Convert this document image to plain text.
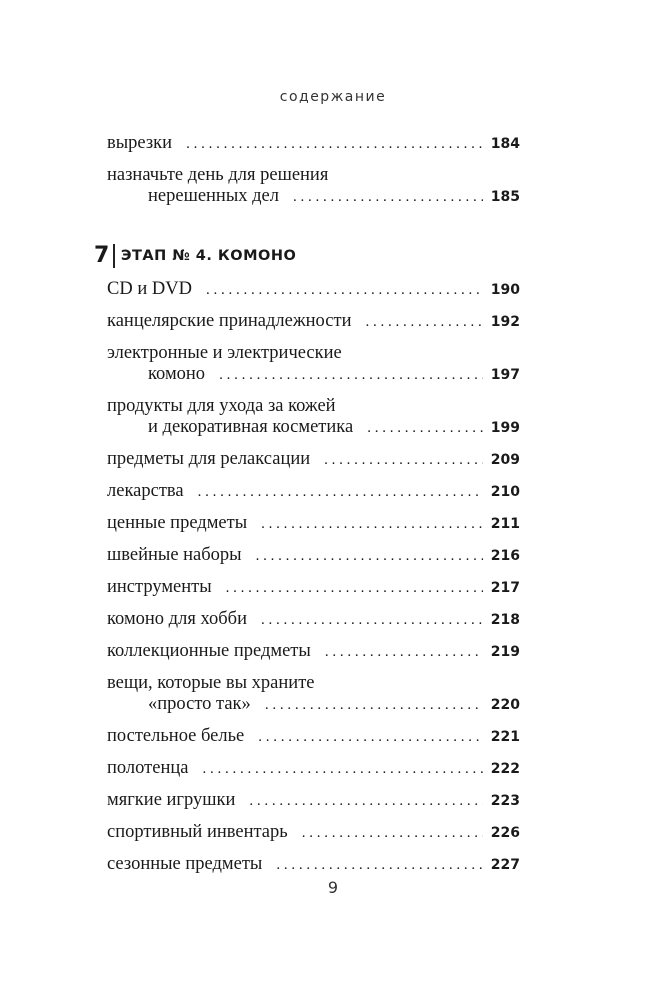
содержание
вырезки . . .	184
назначьте день для решения
нерешенных дел . . .	185
7 ЭТАП № 4. КОМОНО
CD и DVD . . .	190
канцелярские принадлежности . . .	192
электронные и электрические
комоно . . .	197
продукты для ухода за кожей
и декоративная косметика . . .	199
предметы для релаксации . . .	209
лекарства . . .	210
ценные предметы . . .	211
швейные наборы . . .	216
инструменты . . .	217
комоно для хобби . . .	218
коллекционные предметы . . .	219
вещи, которые вы храните
«просто так» . . .	220
постельное белье . . .	221
полотенца . . .	222
мягкие игрушки . . .	223
спортивный инвентарь . . .	226
сезонные предметы . . .	227
9
